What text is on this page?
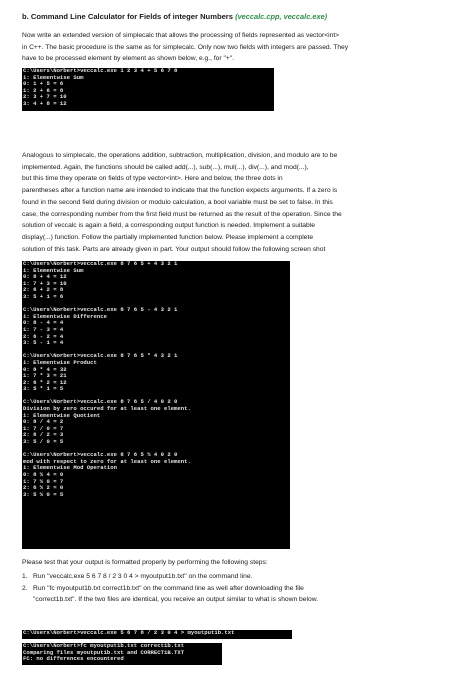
b. Command Line Calculator for Fields of integer Numbers (veccalc.cpp, veccalc.exe)

Now write an extended version of simplecalc that allows the processing of fields represented as vector<int>
in C++. The basic procedure is the same as for simplecalc. Only now two fields with integers are passed. They
have to be processed element by element as shown below, e.g., for "+".

C:\Users\Norbert>veccalc.exe 1 2 3 4 + 5 6 7 8
i: Elementwise Sum
0: 1 + 5 = 6
1: 2 + 6 = 8
2: 3 + 7 = 10
3: 4 + 8 = 12

Analogous to simplecalc, the operations addition, subtraction, multiplication, division, and modulo are to be
implemented. Again, the functions should be called add(...), sub(...), mul(...), div(...), and mod(...),
but this time they operate on fields of type vector<int>. Here and below, the three dots in
parentheses after a function name are intended to indicate that the function expects arguments. If a zero is
found in the second field during division or modulo calculation, a bool variable must be set to false. In this
case, the corresponding number from the first field must be returned as the result of the operation. Since the
solution of veccalc is again a field, a corresponding output function is needed. Implement a suitable
display(...) function. Follow the partially implemented function below. Please implement a complete
solution of this task. Parts are already given in part. Your output should follow the following screen shot

C:\Users\Norbert>veccalc.exe 8 7 6 5 + 4 3 2 1
i: Elementwise Sum
0: 8 + 4 = 12
1: 7 + 3 = 10
2: 6 + 2 = 8
3: 5 + 1 = 6

C:\Users\Norbert>veccalc.exe 8 7 6 5 - 4 3 2 1
i: Elementwise Difference
0: 8 - 4 = 4
1: 7 - 3 = 4
2: 6 - 2 = 4
3: 5 - 1 = 4

C:\Users\Norbert>veccalc.exe 8 7 6 5 * 4 3 2 1
i: Elementwise Product
0: 8 * 4 = 32
1: 7 * 3 = 21
2: 6 * 2 = 12
3: 5 * 1 = 5

C:\Users\Norbert>veccalc.exe 8 7 6 5 / 4 0 2 0
Division by zero occured for at least one element.
i: Elementwise Quotient
0: 8 / 4 = 2
1: 7 / 0 = 7
2: 6 / 2 = 3
3: 5 / 0 = 5

C:\Users\Norbert>veccalc.exe 8 7 6 5 % 4 0 2 0
mod with respect to zero for at least one element.
i: Elementwise Mod Operation
0: 8 % 4 = 0
1: 7 % 0 = 7
2: 6 % 2 = 0
3: 5 % 0 = 5
Please test that your output is formatted properly by performing the following steps:
1. Run "veccalc.exe 5 6 7 8 / 2 3 0 4 > myoutput1b.txt" on the command line.
2. Run "fc myoutput1b.txt correct1b.txt" on the command line as well after downloading the file
"correct1b.txt". If the two files are identical, you receive an output similar to what is shown below.
C:\Users\Norbert>veccalc.exe 5 6 7 8 / 2 3 0 4 > myoutput1b.txt
C:\Users\Norbert>fc myoutput1b.txt correct1b.txt
Comparing files myoutput1b.txt and CORRECT1B.TXT
FC: no differences encountered
